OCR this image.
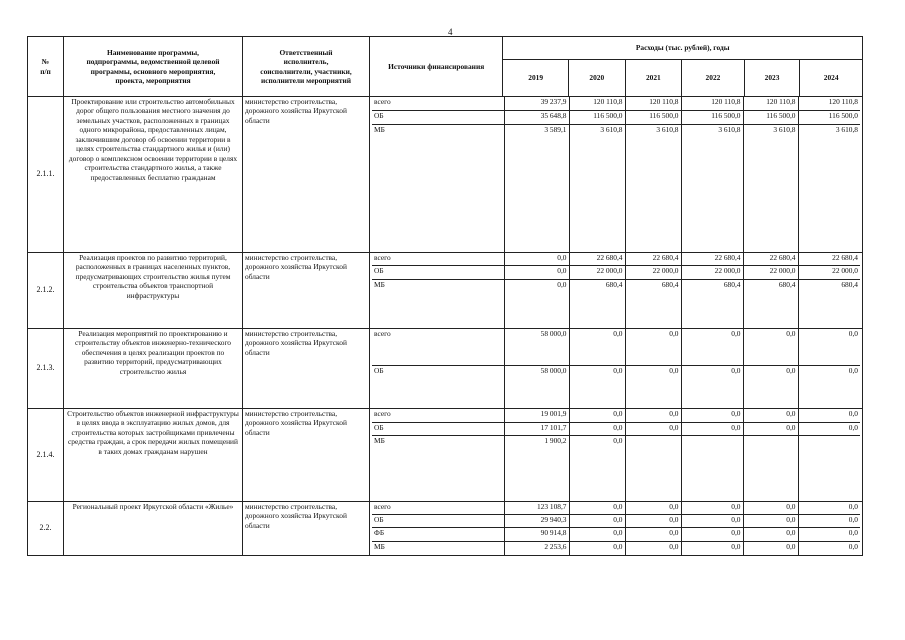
4
№
п/п	Наименование программы,
подпрограммы, ведомственной целевой
программы, основного мероприятия,
проекта, мероприятия	Ответственный
исполнитель,
соисполнители, участники,
исполнители мероприятий	Источники финансирования	Расходы (тыс. рублей), годы
2019	2020	2021	2022	2023	2024
2.1.1.	Проектирование или строительство автомобильных дорог общего пользования местного значения до земельных участков, расположенных в границах одного микрорайона, предоставленных лицам, заключившим договор об освоении территории в целях строительства стандартного жилья и (или) договор о комплексном освоении территории в целях строительства стандартного жилья, а также предоставленных бесплатно гражданам	министерство строительства, дорожного хозяйства Иркутской области	
всего	39 237,9	120 110,8	120 110,8	120 110,8	120 110,8	120 110,8
ОБ	35 648,8	116 500,0	116 500,0	116 500,0	116 500,0	116 500,0
МБ	3 589,1	3 610,8	3 610,8	3 610,8	3 610,8	3 610,8

2.1.2.	Реализация проектов по развитию территорий, расположенных в границах населенных пунктов, предусматривающих строительство жилья путем строительства объектов транспортной инфраструктуры	министерство строительства, дорожного хозяйства Иркутской области	
всего	0,0	22 680,4	22 680,4	22 680,4	22 680,4	22 680,4
ОБ	0,0	22 000,0	22 000,0	22 000,0	22 000,0	22 000,0
МБ	0,0	680,4	680,4	680,4	680,4	680,4

2.1.3.	Реализация мероприятий по проектированию и строительству объектов инженерно-технического обеспечения в целях реализации проектов по развитию территорий, предусматривающих строительство жилья	министерство строительства, дорожного хозяйства Иркутской области	
всего	58 000,0	0,0	0,0	0,0	0,0	0,0
ОБ	58 000,0	0,0	0,0	0,0	0,0	0,0

2.1.4.	Строительство объектов инженерной инфраструктуры в целях ввода в эксплуатацию жилых домов, для строительства которых застройщиками привлечены средства граждан, а срок передачи жилых помещений в таких домах гражданам нарушен	министерство строительства, дорожного хозяйства Иркутской области	
всего	19 001,9	0,0	0,0	0,0	0,0	0,0
ОБ	17 101,7	0,0	0,0	0,0	0,0	0,0
МБ	1 900,2	0,0				

2.2.	Региональный проект Иркутской области «Жилье»	министерство строительства, дорожного хозяйства Иркутской области	
всего	123 108,7	0,0	0,0	0,0	0,0	0,0
ОБ	29 940,3	0,0	0,0	0,0	0,0	0,0
ФБ	90 914,8	0,0	0,0	0,0	0,0	0,0
МБ	2 253,6	0,0	0,0	0,0	0,0	0,0
